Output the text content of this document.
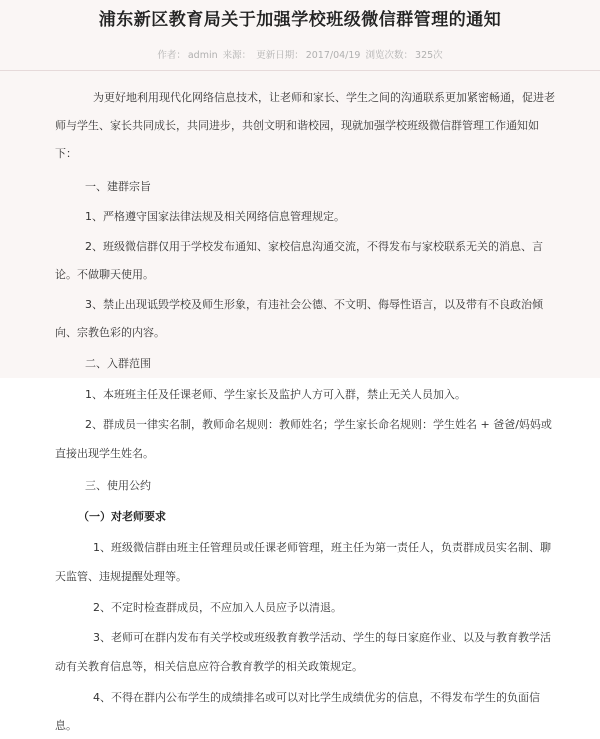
浦东新区教育局关于加强学校班级微信群管理的通知
作者： admin 来源： 更新日期： 2017/04/19 浏览次数： 325次
为更好地利用现代化网络信息技术，让老师和家长、学生之间的沟通联系更加紧密畅通，促进老
师与学生、家长共同成长，共同进步，共创文明和谐校园，现就加强学校班级微信群管理工作通知如
下：
一、建群宗旨
1、严格遵守国家法律法规及相关网络信息管理规定。
2、班级微信群仅用于学校发布通知、家校信息沟通交流，不得发布与家校联系无关的消息、言
论。不做聊天使用。
3、禁止出现诋毁学校及师生形象，有违社会公德、不文明、侮辱性语言，以及带有不良政治倾
向、宗教色彩的内容。
二、入群范围
1、本班班主任及任课老师、学生家长及监护人方可入群，禁止无关人员加入。
2、群成员一律实名制，教师命名规则：教师姓名；学生家长命名规则：学生姓名 + 爸爸/妈妈或
直接出现学生姓名。
三、使用公约
（一）对老师要求
1、班级微信群由班主任管理员或任课老师管理，班主任为第一责任人，负责群成员实名制、聊
天监管、违规提醒处理等。
2、不定时检查群成员，不应加入人员应予以清退。
3、老师可在群内发布有关学校或班级教育教学活动、学生的每日家庭作业、以及与教育教学活
动有关教育信息等，相关信息应符合教育教学的相关政策规定。
4、不得在群内公布学生的成绩排名或可以对比学生成绩优劣的信息，不得发布学生的负面信
息。
